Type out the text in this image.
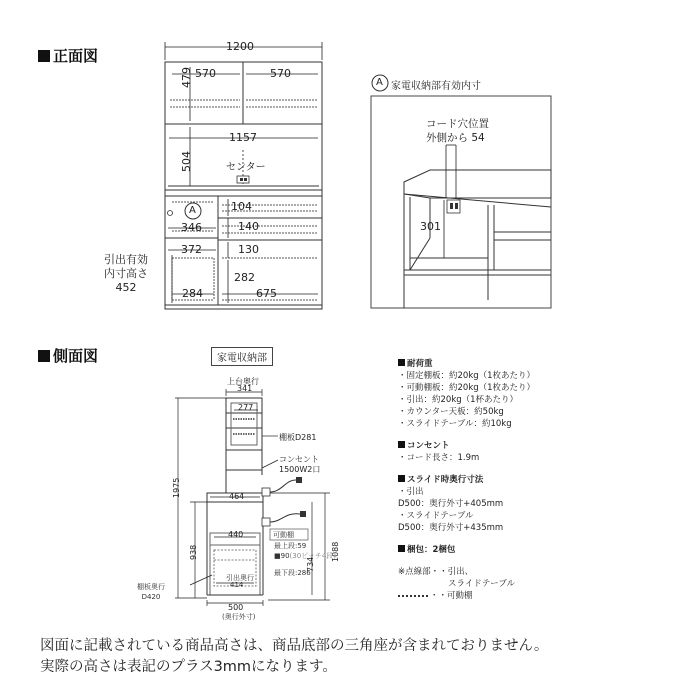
正面図
側面図
1200
570	570
479
1157
504	センター
A	104
140
346
372	130
282
284	675
引出有効
内寸高さ
452
A 家電収納部有効内寸
コード穴位置
外側から 54
301
家電収納部
上台奥行
341
277
1975
棚板D281
コンセント
1500W2口
464
440
938
734
1088
可動棚
最上段:59
■90(30ピッチ4段)
最下段:286
引出奥行
414
棚板奥行
D420
500
(奥行外寸)
耐荷重
・固定棚板：約20kg（1枚あたり）
・可動棚板：約20kg（1枚あたり）
・引出：約20kg（1杯あたり）
・カウンター天板：約50kg
・スライドテーブル：約10kg
コンセント
・コード長さ：1.9m
スライド時奥行寸法
・引出
D500：奥行外寸+405mm
・スライドテーブル
D500：奥行外寸+435mm
梱包：2梱包
※点線部・・引出、
スライドテーブル
・・可動棚
図面に記載されている商品高さは、商品底部の三角座が含まれておりません。
実際の高さは表記のプラス3mmになります。
